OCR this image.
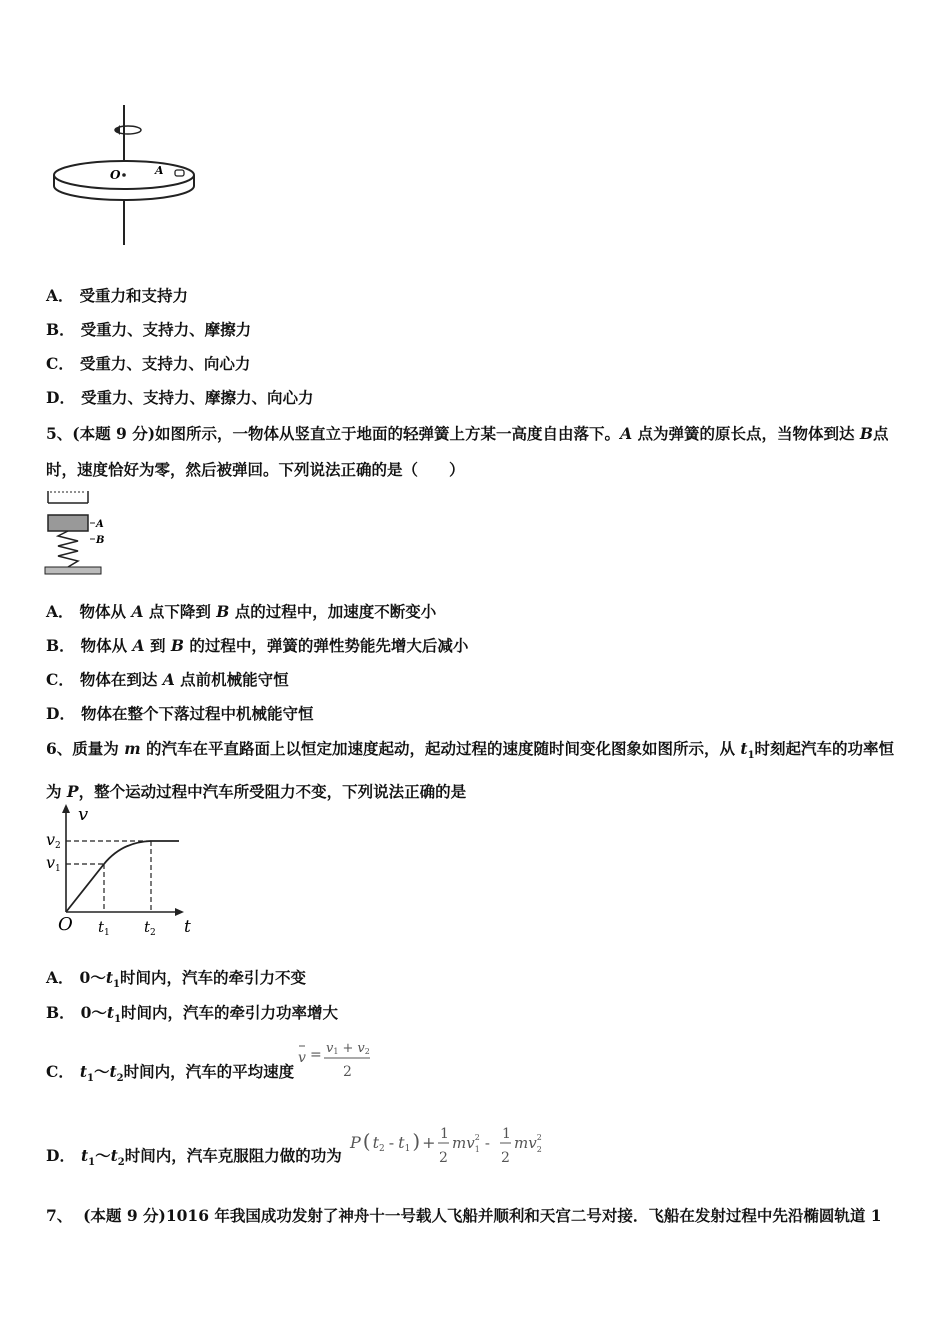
O	A
A． 受重力和支持力
B． 受重力、支持力、摩擦力
C． 受重力、支持力、向心力
D． 受重力、支持力、摩擦力、向心力
5、(本题 9 分)如图所示，一物体从竖直立于地面的轻弹簧上方某一高度自由落下。A 点为弹簧的原长点，当物体到达 B点时，速度恰好为零，然后被弹回。下列说法正确的是（　　）
A
B
A． 物体从 A 点下降到 B 点的过程中，加速度不断变小
B． 物体从 A 到 B 的过程中，弹簧的弹性势能先增大后减小
C． 物体在到达 A 点前机械能守恒
D． 物体在整个下落过程中机械能守恒
6、质量为 m 的汽车在平直路面上以恒定加速度起动，起动过程的速度随时间变化图象如图所示，从 $t_1$时刻起汽车的功率恒为 P，整个运动过程中汽车所受阻力不变，下列说法正确的是
v
t
O
v2
v1
$t_1$ $t_2$
A． $0\sim t_1$时间内，汽车的牵引力不变
B． $0\sim t_1$时间内，汽车的牵引力功率增大
C． $t_1\sim t_2$时间内，汽车的平均速度
v = v1 + v2
2
D． $t_1\sim t_2$时间内，汽车克服阻力做的功为
P ( t2 - t1 ) + 1
2
$mv^2$ 1 - 1
2
$mv^2$ 2
7、 (本题 9 分)1016 年我国成功发射了神舟十一号载人飞船并顺利和天宫二号对接．飞船在发射过程中先沿椭圆轨道 1
